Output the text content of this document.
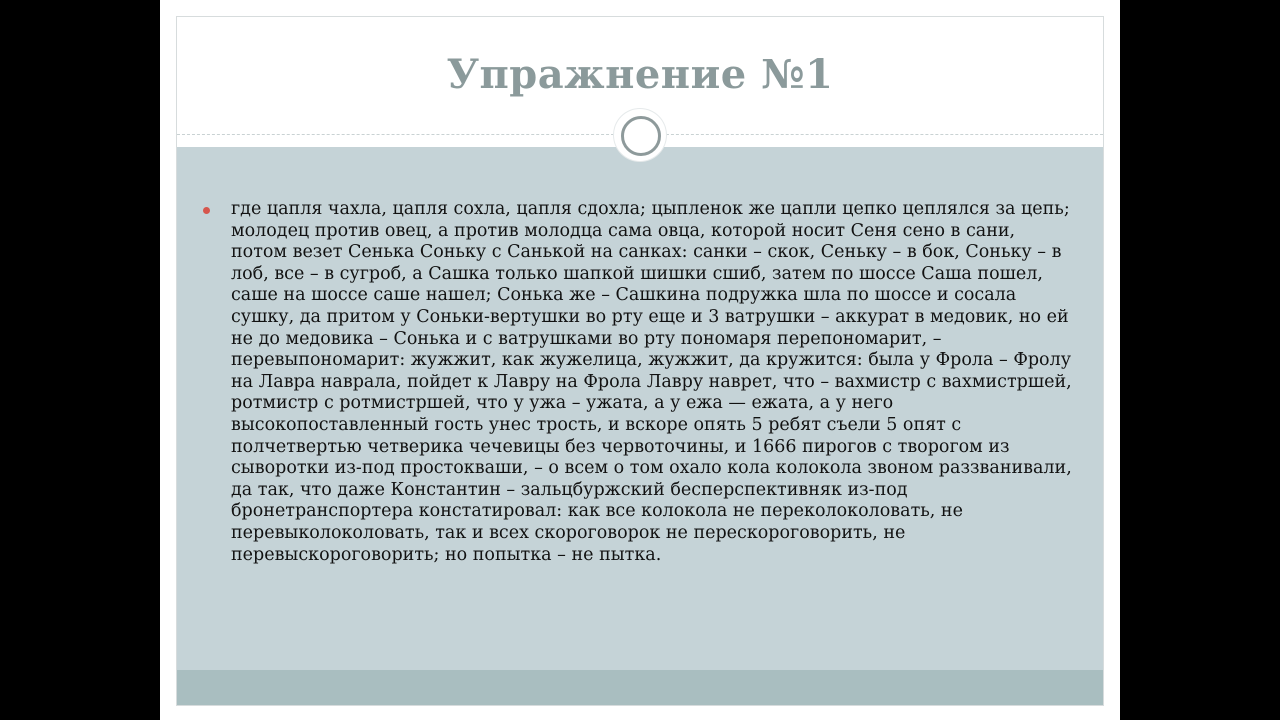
Упражнение №1

где цапля чахла, цапля сохла, цапля сдохла; цыпленок же цапли цепко цеплялся за цепь; молодец против овец, а против молодца сама овца, которой носит Сеня сено в сани, потом везет Сенька Соньку с Санькой на санках: санки – скок, Сеньку – в бок, Соньку – в лоб, все – в сугроб, а Сашка только шапкой шишки сшиб, затем по шоссе Саша пошел, саше на шоссе саше нашел; Сонька же – Сашкина подружка шла по шоссе и сосала сушку, да притом у Соньки-вертушки во рту еще и 3 ватрушки – аккурат в медовик, но ей не до медовика – Сонька и с ватрушками во рту пономаря перепономарит, – перевыпономарит: жужжит, как жужелица, жужжит, да кружится: была у Фрола – Фролу на Лавра наврала, пойдет к Лавру на Фрола Лавру наврет, что – вахмистр с вахмистршей, ротмистр с ротмистршей, что у ужа – ужата, а у ежа — ежата, а у него высокопоставленный гость унес трость, и вскоре опять 5 ребят съели 5 опят с полчетвертью четверика чечевицы без червоточины, и 1666 пирогов с творогом из сыворотки из-под простокваши, – о всем о том охало кола колокола звоном раззванивали, да так, что даже Константин – зальцбуржский бесперспективняк из-под бронетранспортера констатировал: как все колокола не переколоколовать, не перевыколоколовать, так и всех скороговорок не перескороговорить, не перевыскороговорить; но попытка – не пытка.
